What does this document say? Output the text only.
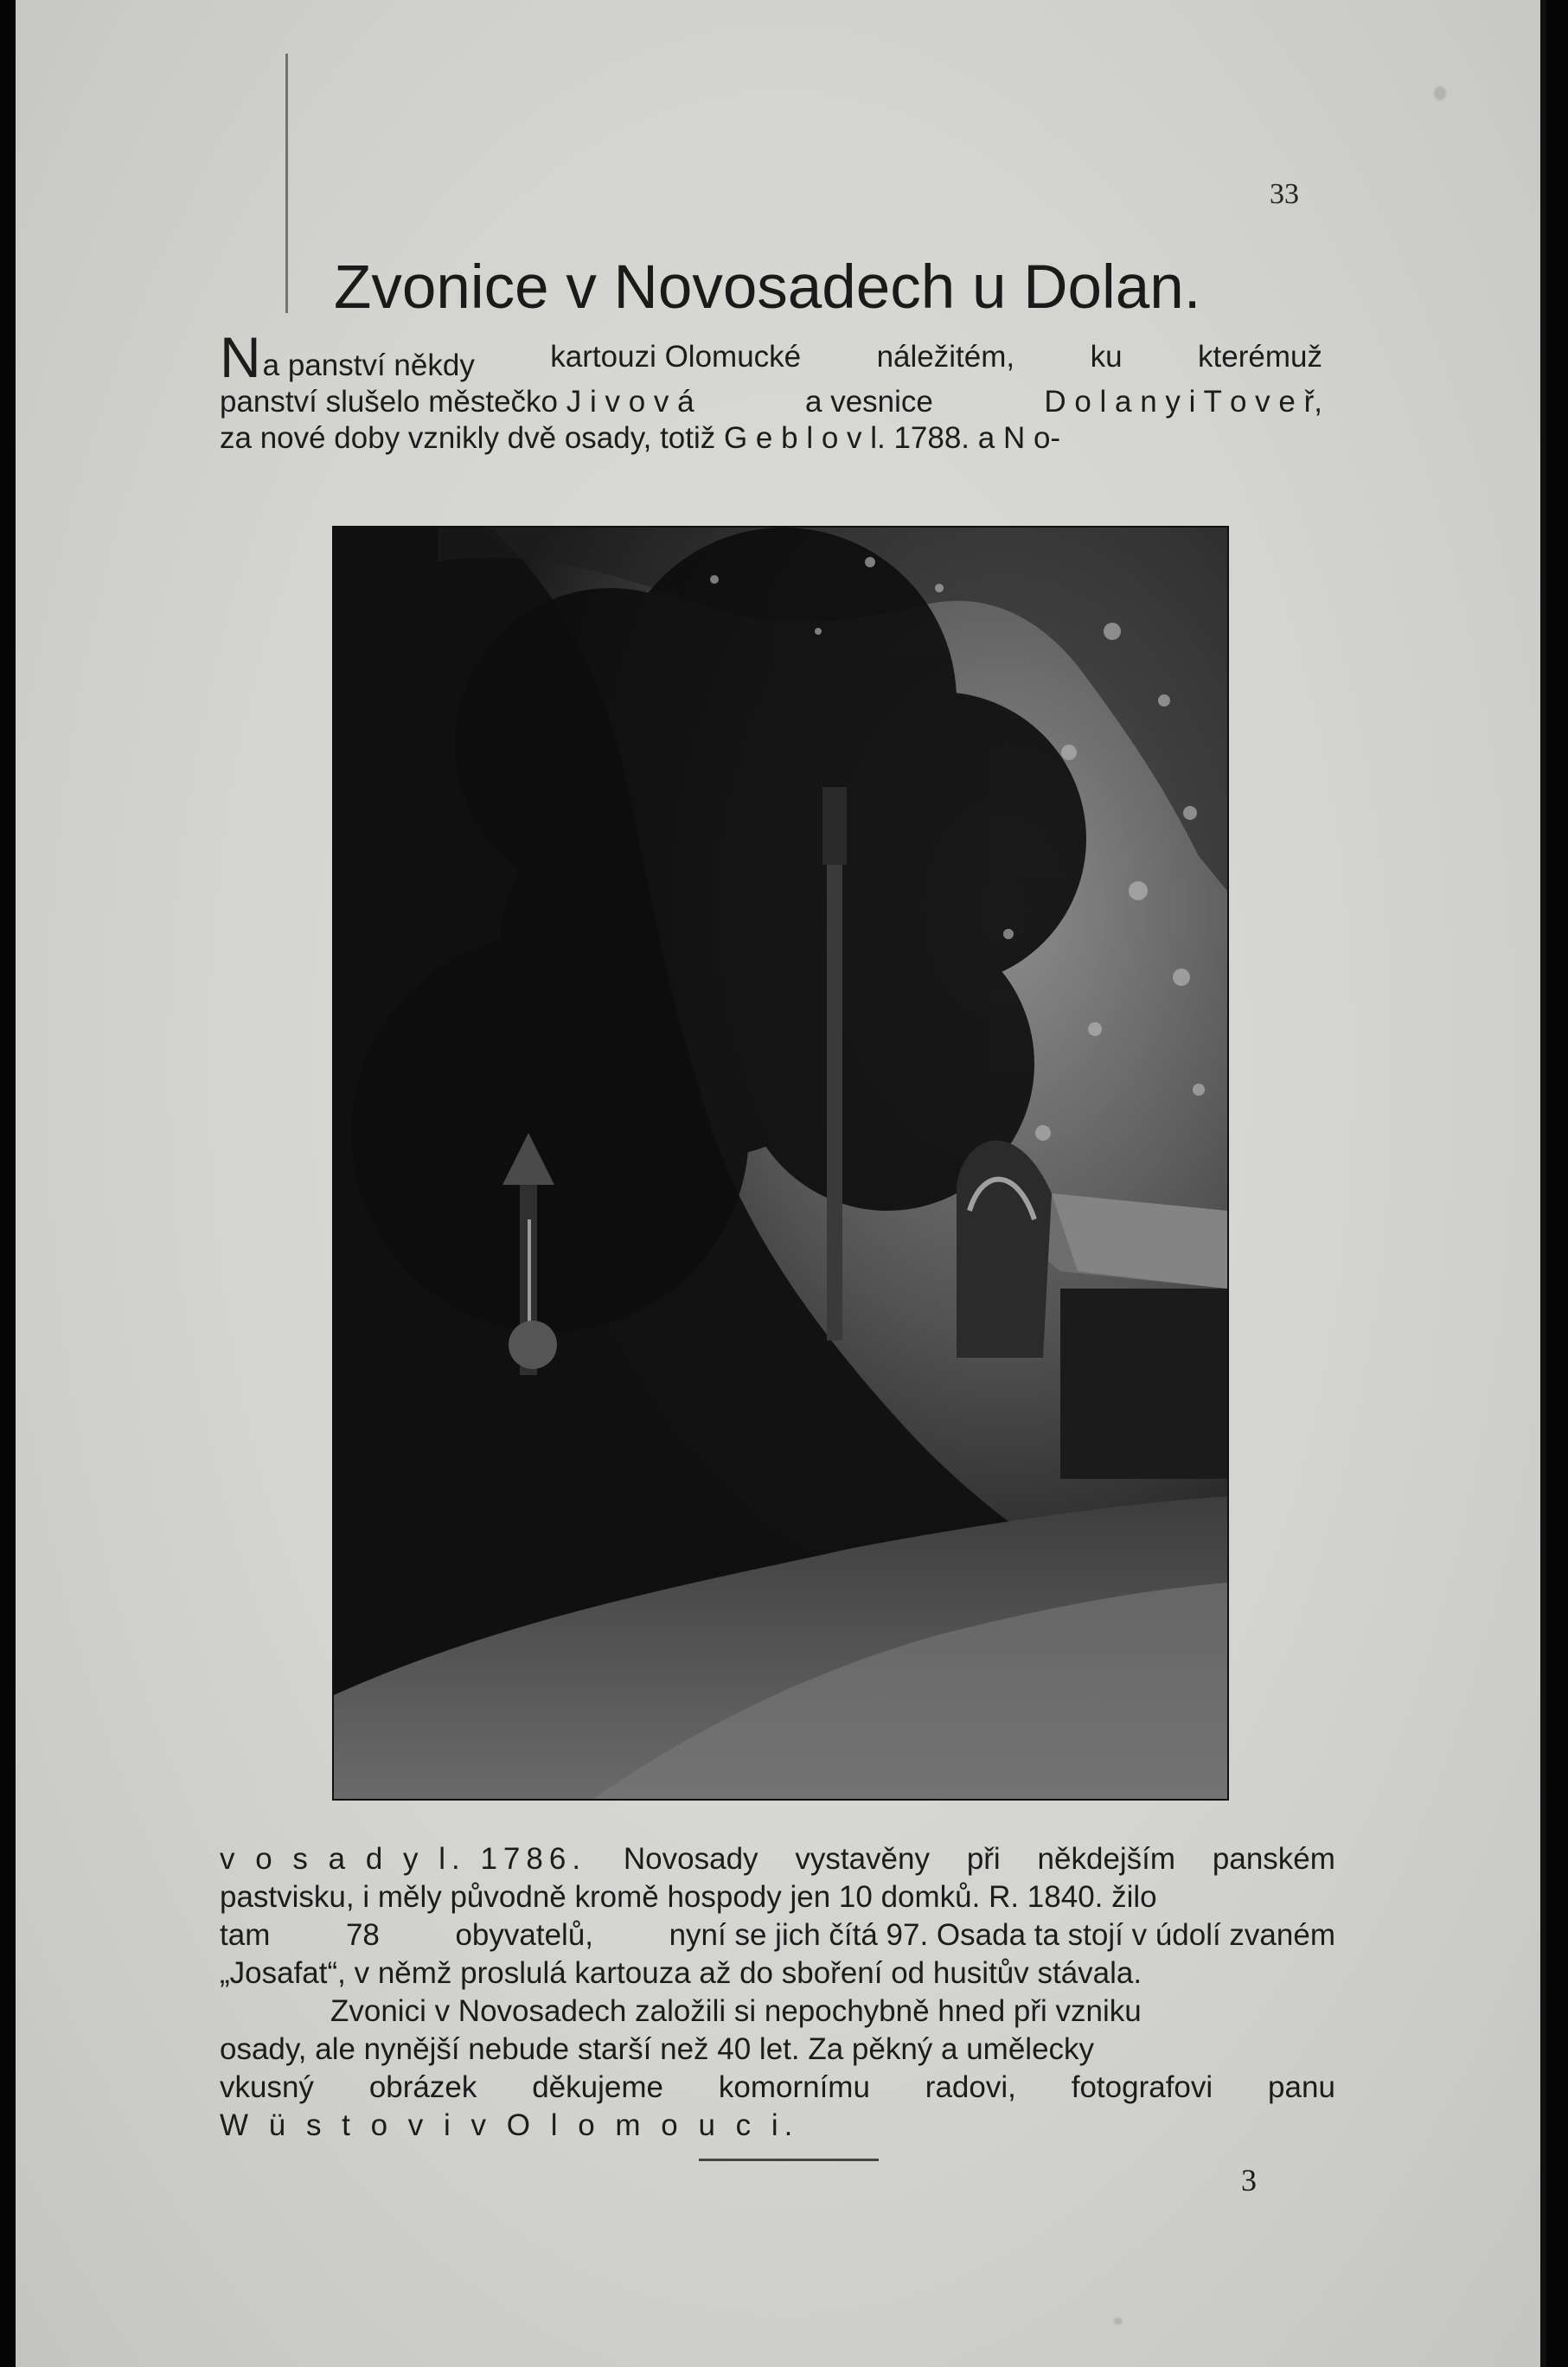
33
Zvonice v Novosadech u Dolan.
Na panství někdy kartouzi Olomucké náležitém, ku kterémuž
panství slušelo městečko J i v o v á	a vesnice	D o l a n y i T o v e ř,
za nové doby vznikly dvě osady, totiž G e b l o v l. 1788. a N o-
v o s a d y l. 1786. Novosady vystavěny při někdejším panském
pastvisku, i měly původně kromě hospody jen 10 domků. R. 1840. žilo
tam	78	obyvatelů,	nyní se jich čítá 97. Osada ta stojí v údolí zvaném
„Josafat“, v němž proslulá kartouza až do sboření od husitův stávala.
Zvonici v Novosadech založili si nepochybně hned při vzniku
osady, ale nynější nebude starší než 40 let. Za pěkný a umělecky
vkusný obrázek děkujeme komornímu radovi, fotografovi panu
W ü s t o v i v O l o m o u c i.
3
